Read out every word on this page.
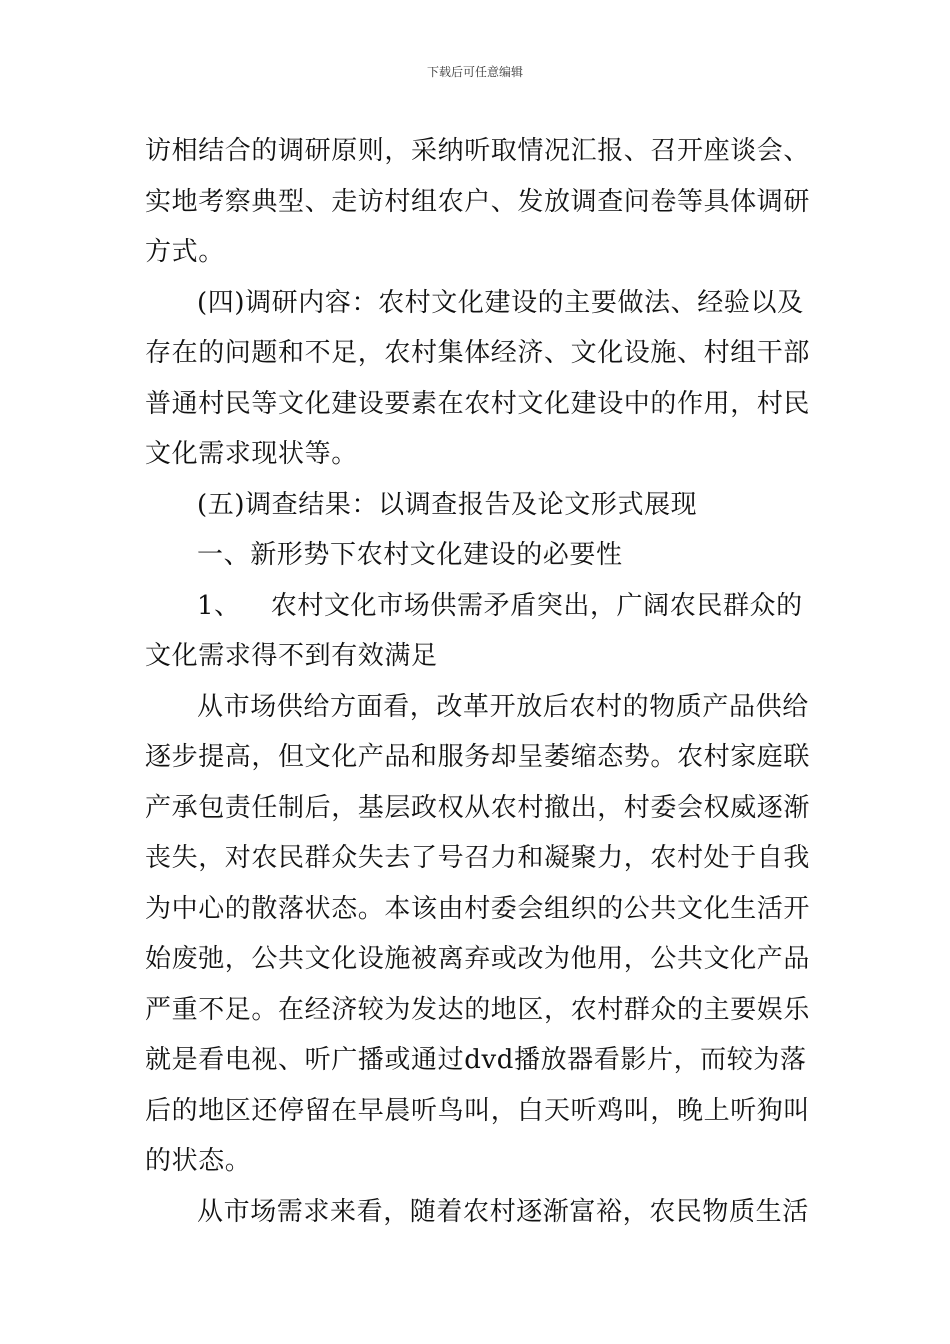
下载后可任意编辑

访相结合的调研原则，采纳听取情况汇报、召开座谈会、实地考察典型、走访村组农户、发放调查问卷等具体调研方式。

(四)调研内容：农村文化建设的主要做法、经验以及存在的问题和不足，农村集体经济、文化设施、村组干部普通村民等文化建设要素在农村文化建设中的作用，村民文化需求现状等。

(五)调查结果：以调查报告及论文形式展现

一、新形势下农村文化建设的必要性

1、 农村文化市场供需矛盾突出，广阔农民群众的文化需求得不到有效满足

从市场供给方面看，改革开放后农村的物质产品供给逐步提高，但文化产品和服务却呈萎缩态势。农村家庭联产承包责任制后，基层政权从农村撤出，村委会权威逐渐丧失，对农民群众失去了号召力和凝聚力，农村处于自我为中心的散落状态。本该由村委会组织的公共文化生活开始废弛，公共文化设施被离弃或改为他用，公共文化产品严重不足。在经济较为发达的地区，农村群众的主要娱乐就是看电视、听广播或通过dvd播放器看影片，而较为落后的地区还停留在早晨听鸟叫，白天听鸡叫，晚上听狗叫的状态。

从市场需求来看，随着农村逐渐富裕，农民物质生活
